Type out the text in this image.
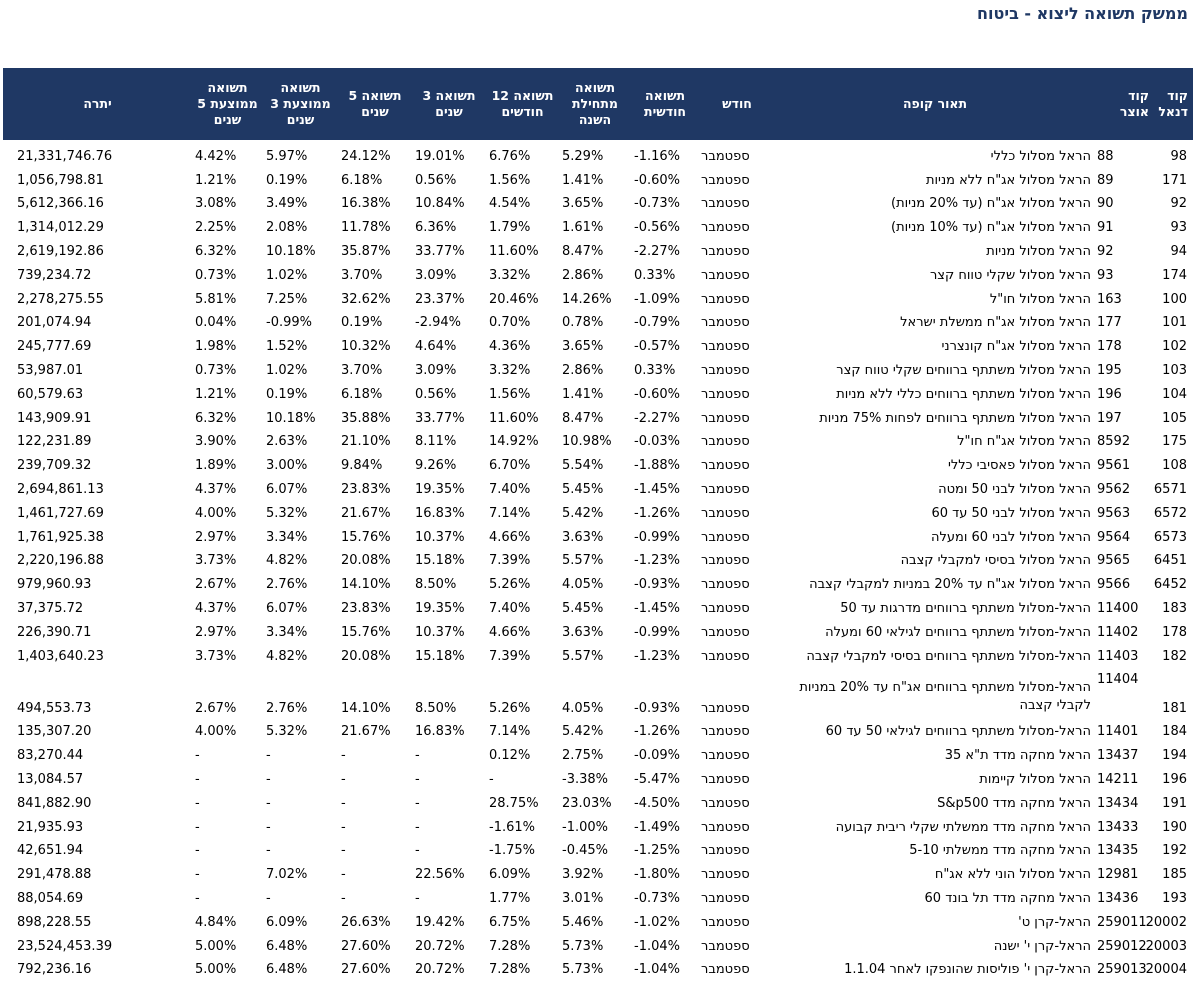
ממשק תשואה ליצוא - ביטוח
קוד דנאל	קוד אוצר	תאור קופה	חודש	תשואה חודשית	תשואה מתחילת השנה	תשואה 12 חודשים	תשואה 3 שנים	תשואה 5 שנים	תשואה ממוצעת 3 שנים	תשואה ממוצעת 5 שנים	יתרה
98	88	הראל מסלול כללי	ספטמבר	-1.16%	5.29%	6.76%	19.01%	24.12%	5.97%	4.42%	21,331,746.76
171	89	הראל מסלול אג"ח ללא מניות	ספטמבר	-0.60%	1.41%	1.56%	0.56%	6.18%	0.19%	1.21%	1,056,798.81
92	90	הראל מסלול אג"ח (עד 20% מניות)	ספטמבר	-0.73%	3.65%	4.54%	10.84%	16.38%	3.49%	3.08%	5,612,366.16
93	91	הראל מסלול אג"ח (עד 10% מניות)	ספטמבר	-0.56%	1.61%	1.79%	6.36%	11.78%	2.08%	2.25%	1,314,012.29
94	92	הראל מסלול מניות	ספטמבר	-2.27%	8.47%	11.60%	33.77%	35.87%	10.18%	6.32%	2,619,192.86
174	93	הראל מסלול שקלי טווח קצר	ספטמבר	0.33%	2.86%	3.32%	3.09%	3.70%	1.02%	0.73%	739,234.72
100	163	הראל מסלול חו"ל	ספטמבר	-1.09%	14.26%	20.46%	23.37%	32.62%	7.25%	5.81%	2,278,275.55
101	177	הראל מסלול אג"ח ממשלת ישראל	ספטמבר	-0.79%	0.78%	0.70%	-2.94%	0.19%	-0.99%	0.04%	201,074.94
102	178	הראל מסלול אג"ח קונצרני	ספטמבר	-0.57%	3.65%	4.36%	4.64%	10.32%	1.52%	1.98%	245,777.69
103	195	הראל מסלול משתתף ברווחים שקלי טווח קצר	ספטמבר	0.33%	2.86%	3.32%	3.09%	3.70%	1.02%	0.73%	53,987.01
104	196	הראל מסלול משתתף ברווחים כללי ללא מניות	ספטמבר	-0.60%	1.41%	1.56%	0.56%	6.18%	0.19%	1.21%	60,579.63
105	197	הראל מסלול משתתף ברווחים לפחות 75% מניות	ספטמבר	-2.27%	8.47%	11.60%	33.77%	35.88%	10.18%	6.32%	143,909.91
175	8592	הראל מסלול אג"ח חו"ל	ספטמבר	-0.03%	10.98%	14.92%	8.11%	21.10%	2.63%	3.90%	122,231.89
108	9561	הראל מסלול פאסיבי כללי	ספטמבר	-1.88%	5.54%	6.70%	9.26%	9.84%	3.00%	1.89%	239,709.32
6571	9562	הראל מסלול לבני 50 ומטה	ספטמבר	-1.45%	5.45%	7.40%	19.35%	23.83%	6.07%	4.37%	2,694,861.13
6572	9563	הראל מסלול לבני 50 עד 60	ספטמבר	-1.26%	5.42%	7.14%	16.83%	21.67%	5.32%	4.00%	1,461,727.69
6573	9564	הראל מסלול לבני 60 ומעלה	ספטמבר	-0.99%	3.63%	4.66%	10.37%	15.76%	3.34%	2.97%	1,761,925.38
6451	9565	הראל מסלול בסיסי למקבלי קצבה	ספטמבר	-1.23%	5.57%	7.39%	15.18%	20.08%	4.82%	3.73%	2,220,196.88
6452	9566	הראל מסלול אג"ח עד 20% במניות למקבלי קצבה	ספטמבר	-0.93%	4.05%	5.26%	8.50%	14.10%	2.76%	2.67%	979,960.93
183	11400	הראל-מסלול משתתף ברווחים מדרגות עד 50	ספטמבר	-1.45%	5.45%	7.40%	19.35%	23.83%	6.07%	4.37%	37,375.72
178	11402	הראל-מסלול משתתף ברווחים לגילאי 60 ומעלה	ספטמבר	-0.99%	3.63%	4.66%	10.37%	15.76%	3.34%	2.97%	226,390.71
182	11403	הראל-מסלול משתתף ברווחים בסיסי למקבלי קצבה	ספטמבר	-1.23%	5.57%	7.39%	15.18%	20.08%	4.82%	3.73%	1,403,640.23
181	11404	הראל-מסלול משתתף ברווחים אג"ח עד 20% במניות לקבלי קצבה	ספטמבר	-0.93%	4.05%	5.26%	8.50%	14.10%	2.76%	2.67%	494,553.73
184	11401	הראל-מסלול משתתף ברווחים לגילאי 50 עד 60	ספטמבר	-1.26%	5.42%	7.14%	16.83%	21.67%	5.32%	4.00%	135,307.20
194	13437	הראל מחקה מדד ת"א 35	ספטמבר	-0.09%	2.75%	0.12%	-	-	-	-	83,270.44
196	14211	הראל מסלול קיימות	ספטמבר	-5.47%	-3.38%	-	-	-	-	-	13,084.57
191	13434	הראל מחקה מדד S&p500	ספטמבר	-4.50%	23.03%	28.75%	-	-	-	-	841,882.90
190	13433	הראל מחקה מדד ממשלתי שקלי ריבית קבועה	ספטמבר	-1.49%	-1.00%	-1.61%	-	-	-	-	21,935.93
192	13435	הראל מחקה מדד ממשלתי 5-10	ספטמבר	-1.25%	-0.45%	-1.75%	-	-	-	-	42,651.94
185	12981	הראל מסלול הוני ללא אג"ח	ספטמבר	-1.80%	3.92%	6.09%	22.56%	-	7.02%	-	291,478.88
193	13436	הראל מחקה מדד תל בונד 60	ספטמבר	-0.73%	3.01%	1.77%	-	-	-	-	88,054.69
20002	259011	הראל-קרן ט'	ספטמבר	-1.02%	5.46%	6.75%	19.42%	26.63%	6.09%	4.84%	898,228.55
20003	259012	הראל-קרן י' ישנה	ספטמבר	-1.04%	5.73%	7.28%	20.72%	27.60%	6.48%	5.00%	23,524,453.39
20004	259013	הראל-קרן י' פוליסות שהונפקו לאחר 1.1.04	ספטמבר	-1.04%	5.73%	7.28%	20.72%	27.60%	6.48%	5.00%	792,236.16
